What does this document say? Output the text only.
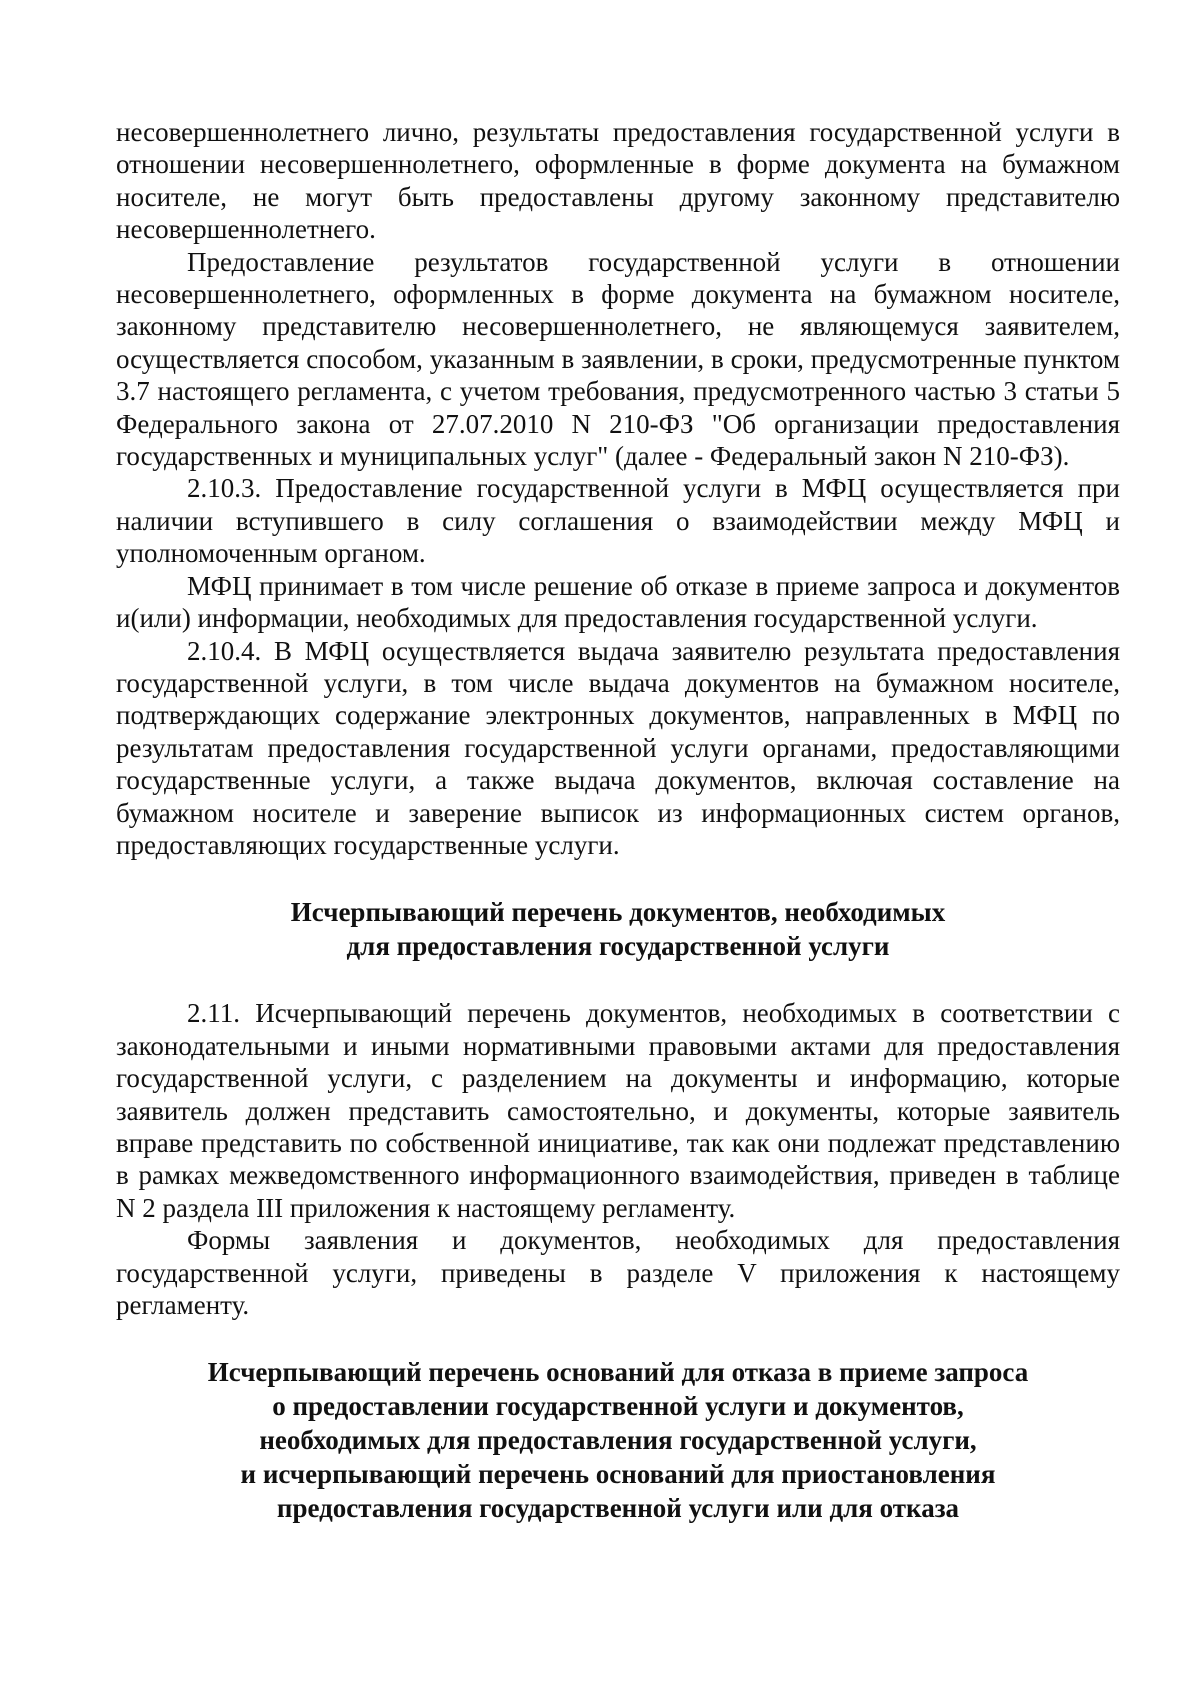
несовершеннолетнего лично, результаты предоставления государственной услуги в отношении несовершеннолетнего, оформленные в форме документа на бумажном носителе, не могут быть предоставлены другому законному представителю несовершеннолетнего.

Предоставление результатов государственной услуги в отношении несовершеннолетнего, оформленных в форме документа на бумажном носителе, законному представителю несовершеннолетнего, не являющемуся заявителем, осуществляется способом, указанным в заявлении, в сроки, предусмотренные пунктом 3.7 настоящего регламента, с учетом требования, предусмотренного частью 3 статьи 5 Федерального закона от 27.07.2010 N 210-ФЗ "Об организации предоставления государственных и муниципальных услуг" (далее - Федеральный закон N 210-ФЗ).

2.10.3. Предоставление государственной услуги в МФЦ осуществляется при наличии вступившего в силу соглашения о взаимодействии между МФЦ и уполномоченным органом.

МФЦ принимает в том числе решение об отказе в приеме запроса и документов и(или) информации, необходимых для предоставления государственной услуги.

2.10.4. В МФЦ осуществляется выдача заявителю результата предоставления государственной услуги, в том числе выдача документов на бумажном носителе, подтверждающих содержание электронных документов, направленных в МФЦ по результатам предоставления государственной услуги органами, предоставляющими государственные услуги, а также выдача документов, включая составление на бумажном носителе и заверение выписок из информационных систем органов, предоставляющих государственные услуги.

Исчерпывающий перечень документов, необходимых
для предоставления государственной услуги

2.11. Исчерпывающий перечень документов, необходимых в соответствии с законодательными и иными нормативными правовыми актами для предоставления государственной услуги, с разделением на документы и информацию, которые заявитель должен представить самостоятельно, и документы, которые заявитель вправе представить по собственной инициативе, так как они подлежат представлению в рамках межведомственного информационного взаимодействия, приведен в таблице N 2 раздела III приложения к настоящему регламенту.

Формы заявления и документов, необходимых для предоставления государственной услуги, приведены в разделе V приложения к настоящему регламенту.

Исчерпывающий перечень оснований для отказа в приеме запроса
о предоставлении государственной услуги и документов,
необходимых для предоставления государственной услуги,
и исчерпывающий перечень оснований для приостановления
предоставления государственной услуги или для отказа
